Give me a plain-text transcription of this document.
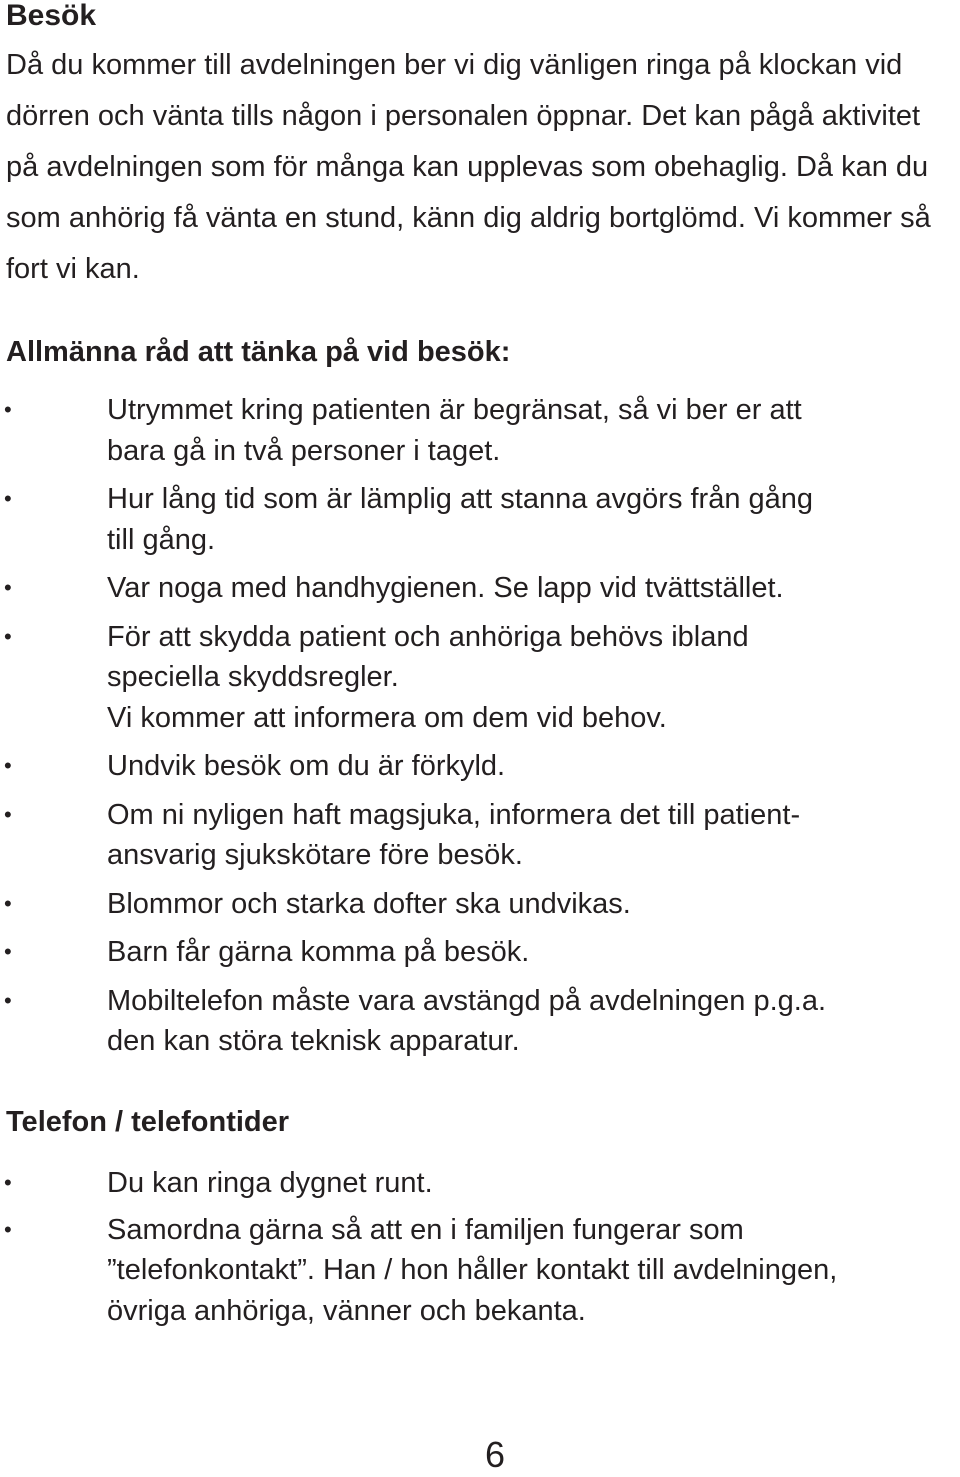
Besök

Då du kommer till avdelningen ber vi dig vänligen ringa på klockan vid dörren och vänta tills någon i personalen öppnar. Det kan pågå aktivitet på avdelningen som för många kan upplevas som obehaglig. Då kan du som anhörig få vänta en stund, känn dig aldrig bortglömd. Vi kommer så fort vi kan.

Allmänna råd att tänka på vid besök:
•	Utrymmet kring patienten är begränsat, så vi ber er att
bara gå in två personer i taget.
•	Hur lång tid som är lämplig att stanna avgörs från gång
till gång.
•	Var noga med handhygienen. Se lapp vid tvättstället.
•	För att skydda patient och anhöriga behövs ibland
speciella skyddsregler.
Vi kommer att informera om dem vid behov.
•	Undvik besök om du är förkyld.
•	Om ni nyligen haft magsjuka, informera det till patient-
ansvarig sjukskötare före besök.
•	Blommor och starka dofter ska undvikas.
•	Barn får gärna komma på besök.
•	Mobiltelefon måste vara avstängd på avdelningen p.g.a.
den kan störa teknisk apparatur.
Telefon / telefontider
•	Du kan ringa dygnet runt.
•	Samordna gärna så att en i familjen fungerar som
”telefonkontakt”. Han / hon håller kontakt till avdelningen,
övriga anhöriga, vänner och bekanta.
6
